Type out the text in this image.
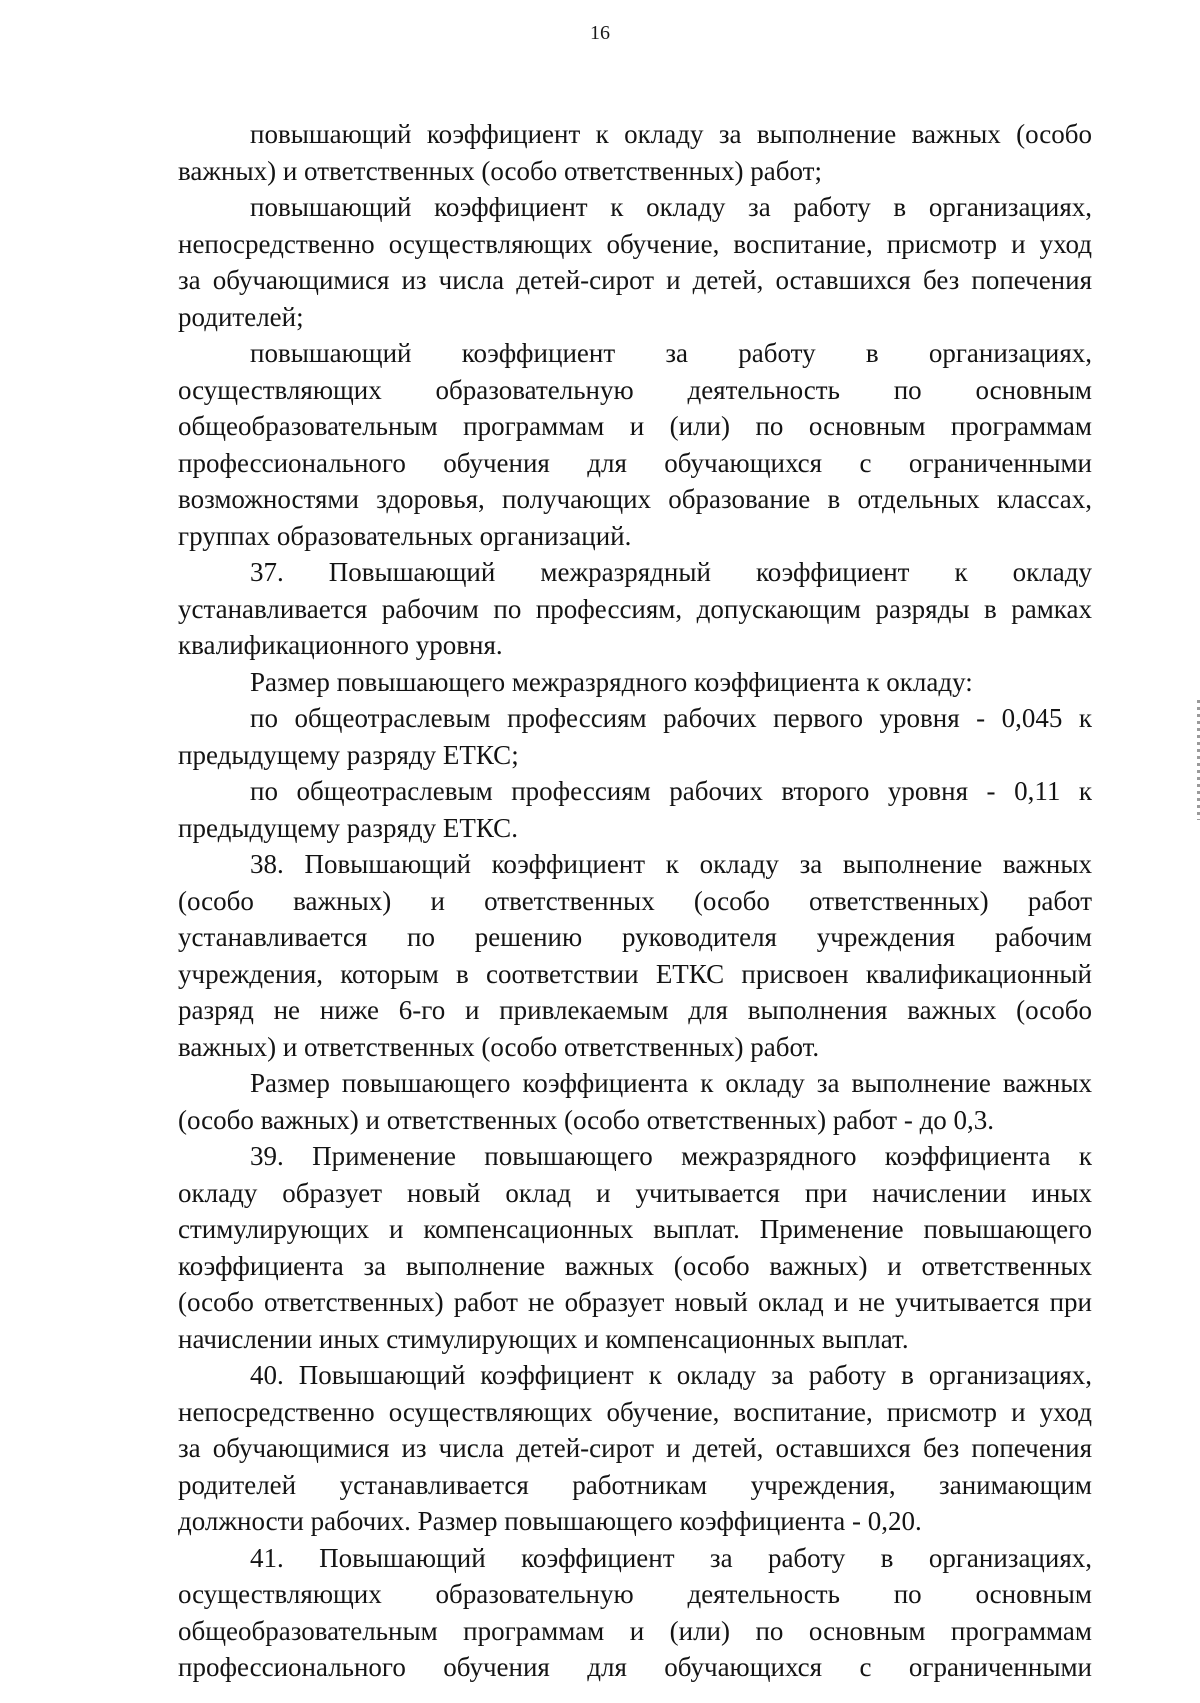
16
повышающий коэффициент к окладу за выполнение важных (особо
важных) и ответственных (особо ответственных) работ;
повышающий коэффициент к окладу за работу в организациях,
непосредственно осуществляющих обучение, воспитание, присмотр и уход
за обучающимися из числа детей-сирот и детей, оставшихся без попечения
родителей;
повышающий коэффициент за работу в организациях,
осуществляющих образовательную деятельность по основным
общеобразовательным программам и (или) по основным программам
профессионального обучения для обучающихся с ограниченными
возможностями здоровья, получающих образование в отдельных классах,
группах образовательных организаций.
37. Повышающий межразрядный коэффициент к окладу
устанавливается рабочим по профессиям, допускающим разряды в рамках
квалификационного уровня.
Размер повышающего межразрядного коэффициента к окладу:
по общеотраслевым профессиям рабочих первого уровня - 0,045 к
предыдущему разряду ЕТКС;
по общеотраслевым профессиям рабочих второго уровня - 0,11 к
предыдущему разряду ЕТКС.
38. Повышающий коэффициент к окладу за выполнение важных
(особо важных) и ответственных (особо ответственных) работ
устанавливается по решению руководителя учреждения рабочим
учреждения, которым в соответствии ЕТКС присвоен квалификационный
разряд не ниже 6-го и привлекаемым для выполнения важных (особо
важных) и ответственных (особо ответственных) работ.
Размер повышающего коэффициента к окладу за выполнение важных
(особо важных) и ответственных (особо ответственных) работ - до 0,3.
39. Применение повышающего межразрядного коэффициента к
окладу образует новый оклад и учитывается при начислении иных
стимулирующих и компенсационных выплат. Применение повышающего
коэффициента за выполнение важных (особо важных) и ответственных
(особо ответственных) работ не образует новый оклад и не учитывается при
начислении иных стимулирующих и компенсационных выплат.
40. Повышающий коэффициент к окладу за работу в организациях,
непосредственно осуществляющих обучение, воспитание, присмотр и уход
за обучающимися из числа детей-сирот и детей, оставшихся без попечения
родителей устанавливается работникам учреждения, занимающим
должности рабочих. Размер повышающего коэффициента - 0,20.
41. Повышающий коэффициент за работу в организациях,
осуществляющих образовательную деятельность по основным
общеобразовательным программам и (или) по основным программам
профессионального обучения для обучающихся с ограниченными
